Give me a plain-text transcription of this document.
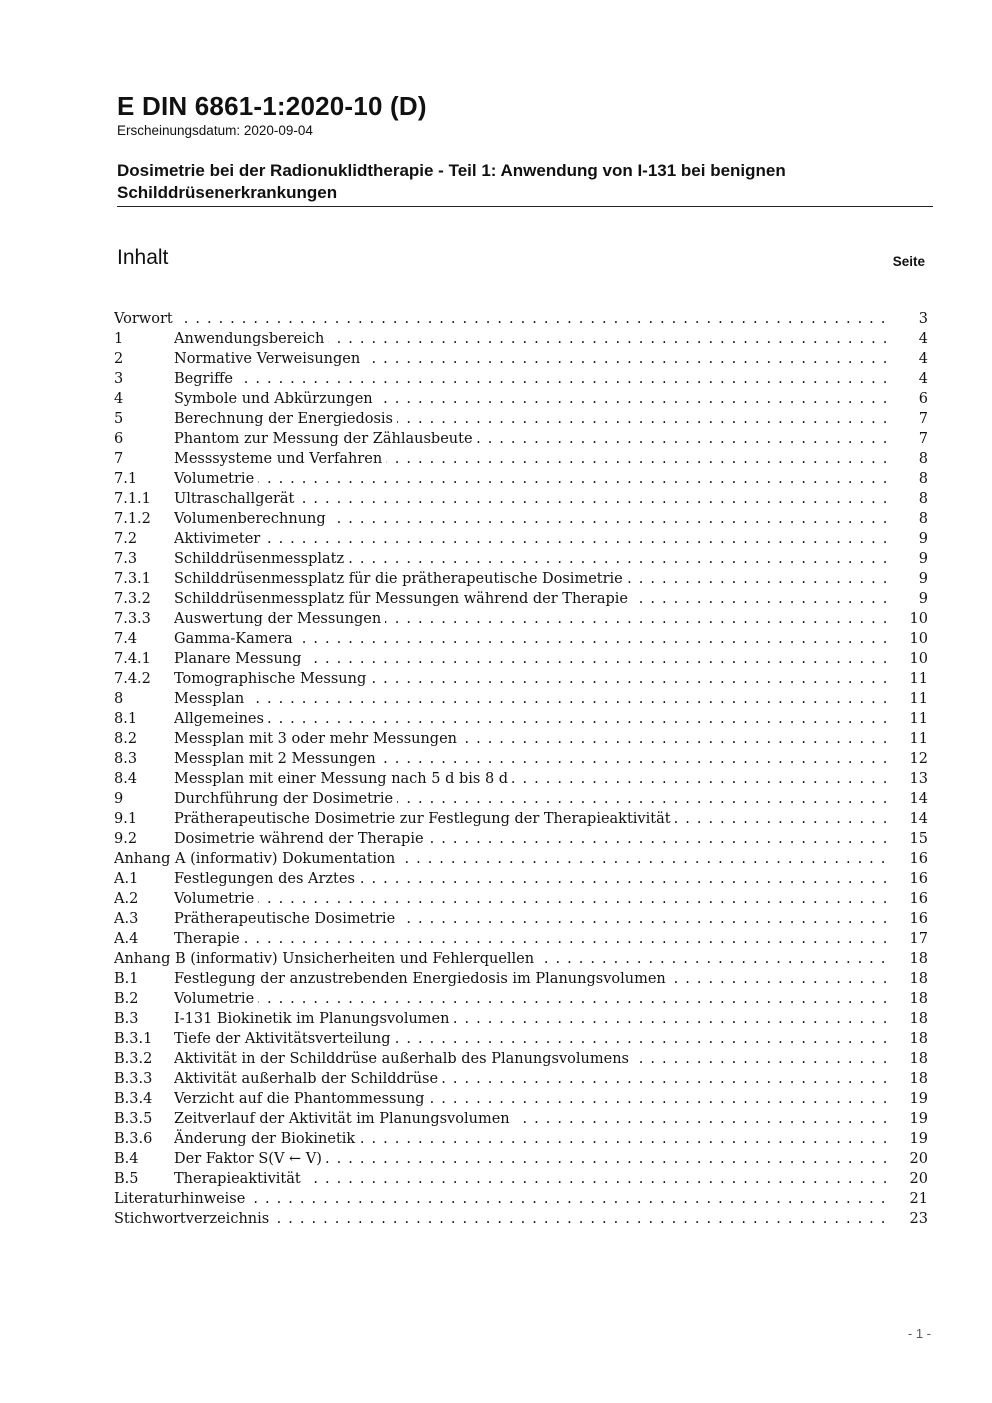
E DIN 6861-1:2020-10 (D)
Erscheinungsdatum: 2020-09-04
Dosimetrie bei der Radionuklidtherapie - Teil 1: Anwendung von I-131 bei benignen Schilddrüsenerkrankungen
Inhalt	Seite
Vorwort . . .	3
1	Anwendungsbereich . . .	4
2	Normative Verweisungen . . .	4
3	Begriffe . . .	4
4	Symbole und Abkürzungen . . .	6
5	Berechnung der Energiedosis . . .	7
6	Phantom zur Messung der Zählausbeute . . .	7
7	Messsysteme und Verfahren . . .	8
7.1	Volumetrie . . .	8
7.1.1	Ultraschallgerät . . .	8
7.1.2	Volumenberechnung . . .	8
7.2	Aktivimeter . . .	9
7.3	Schilddrüsenmessplatz . . .	9
7.3.1	Schilddrüsenmessplatz für die prätherapeutische Dosimetrie . . .	9
7.3.2	Schilddrüsenmessplatz für Messungen während der Therapie . . .	9
7.3.3	Auswertung der Messungen . . .	10
7.4	Gamma-Kamera . . .	10
7.4.1	Planare Messung . . .	10
7.4.2	Tomographische Messung . . .	11
8	Messplan . . .	11
8.1	Allgemeines . . .	11
8.2	Messplan mit 3 oder mehr Messungen . . .	11
8.3	Messplan mit 2 Messungen . . .	12
8.4	Messplan mit einer Messung nach 5 d bis 8 d . . .	13
9	Durchführung der Dosimetrie . . .	14
9.1	Prätherapeutische Dosimetrie zur Festlegung der Therapieaktivität . . .	14
9.2	Dosimetrie während der Therapie . . .	15
Anhang A (informativ) Dokumentation . . .	16
A.1	Festlegungen des Arztes . . .	16
A.2	Volumetrie . . .	16
A.3	Prätherapeutische Dosimetrie . . .	16
A.4	Therapie . . .	17
Anhang B (informativ) Unsicherheiten und Fehlerquellen . . .	18
B.1	Festlegung der anzustrebenden Energiedosis im Planungsvolumen . . .	18
B.2	Volumetrie . . .	18
B.3	I-131 Biokinetik im Planungsvolumen . . .	18
B.3.1	Tiefe der Aktivitätsverteilung . . .	18
B.3.2	Aktivität in der Schilddrüse außerhalb des Planungsvolumens . . .	18
B.3.3	Aktivität außerhalb der Schilddrüse . . .	18
B.3.4	Verzicht auf die Phantommessung . . .	19
B.3.5	Zeitverlauf der Aktivität im Planungsvolumen . . .	19
B.3.6	Änderung der Biokinetik . . .	19
B.4	Der Faktor S(V ← V) . . .	20
B.5	Therapieaktivität . . .	20
Literaturhinweise . . .	21
Stichwortverzeichnis . . .	23
- 1 -
